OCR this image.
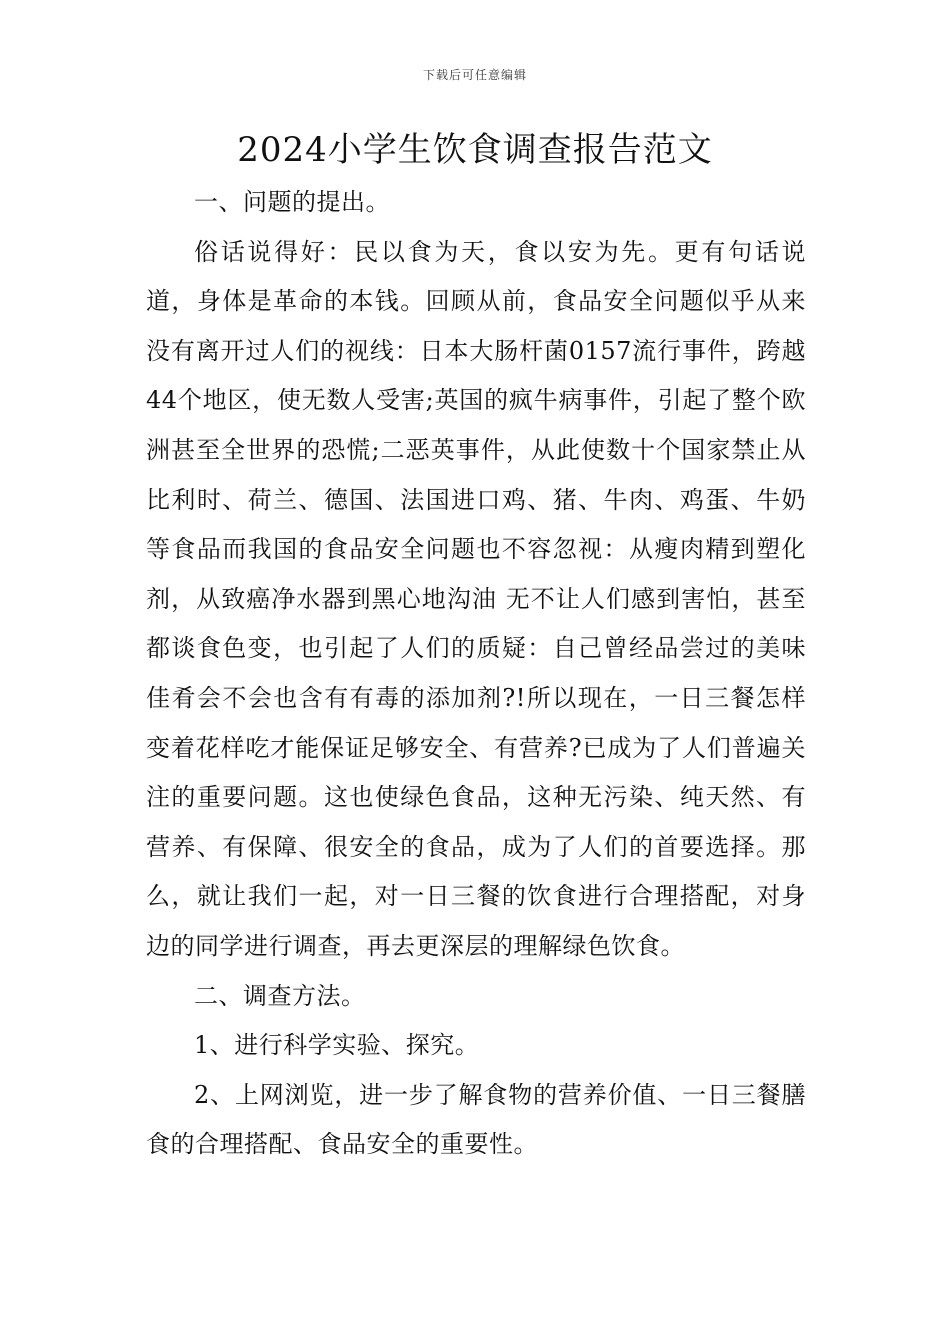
下载后可任意编辑
2024小学生饮食调查报告范文

一、问题的提出。

俗话说得好：民以食为天，食以安为先。更有句话说道，身体是革命的本钱。回顾从前，食品安全问题似乎从来没有离开过人们的视线：日本大肠杆菌0157流行事件，跨越44个地区，使无数人受害;英国的疯牛病事件，引起了整个欧洲甚至全世界的恐慌;二恶英事件，从此使数十个国家禁止从比利时、荷兰、德国、法国进口鸡、猪、牛肉、鸡蛋、牛奶等食品而我国的食品安全问题也不容忽视：从瘦肉精到塑化剂，从致癌净水器到黑心地沟油 无不让人们感到害怕，甚至都谈食色变，也引起了人们的质疑：自己曾经品尝过的美味佳肴会不会也含有有毒的添加剂?!所以现在，一日三餐怎样变着花样吃才能保证足够安全、有营养?已成为了人们普遍关注的重要问题。这也使绿色食品，这种无污染、纯天然、有营养、有保障、很安全的食品，成为了人们的首要选择。那么，就让我们一起，对一日三餐的饮食进行合理搭配，对身边的同学进行调查，再去更深层的理解绿色饮食。

二、调查方法。

1、进行科学实验、探究。

2、上网浏览，进一步了解食物的营养价值、一日三餐膳食的合理搭配、食品安全的重要性。
